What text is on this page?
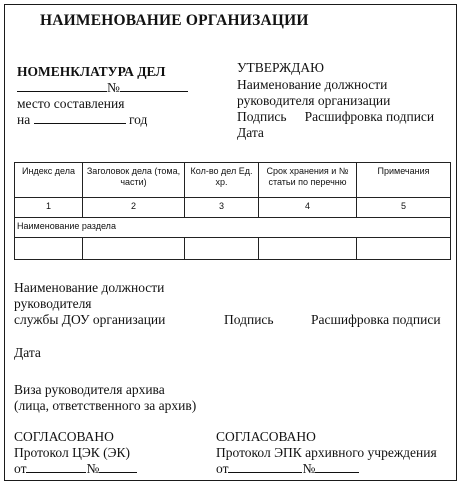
НАИМЕНОВАНИЕ ОРГАНИЗАЦИИ
НОМЕНКЛАТУРА ДЕЛ
№
место составления
на	год
УТВЕРЖДАЮ
Наименование должности
руководителя организации
Подпись Расшифровка подписи
Дата
Индекс дела	Заголовок дела (тома, части)	Кол-во дел Ед. хр.	Срок хранения и № статьи по перечню	Примечания
1	2	3	4	5
Наименование раздела				

Наименование должности
руководителя
службы ДОУ организации	Подпись	Расшифровка подписи
Дата
Виза руководителя архива
(лица, ответственного за архив)
СОГЛАСОВАНО
Протокол ЦЭК (ЭК)
от	№
СОГЛАСОВАНО
Протокол ЭПК архивного учреждения
от	№
